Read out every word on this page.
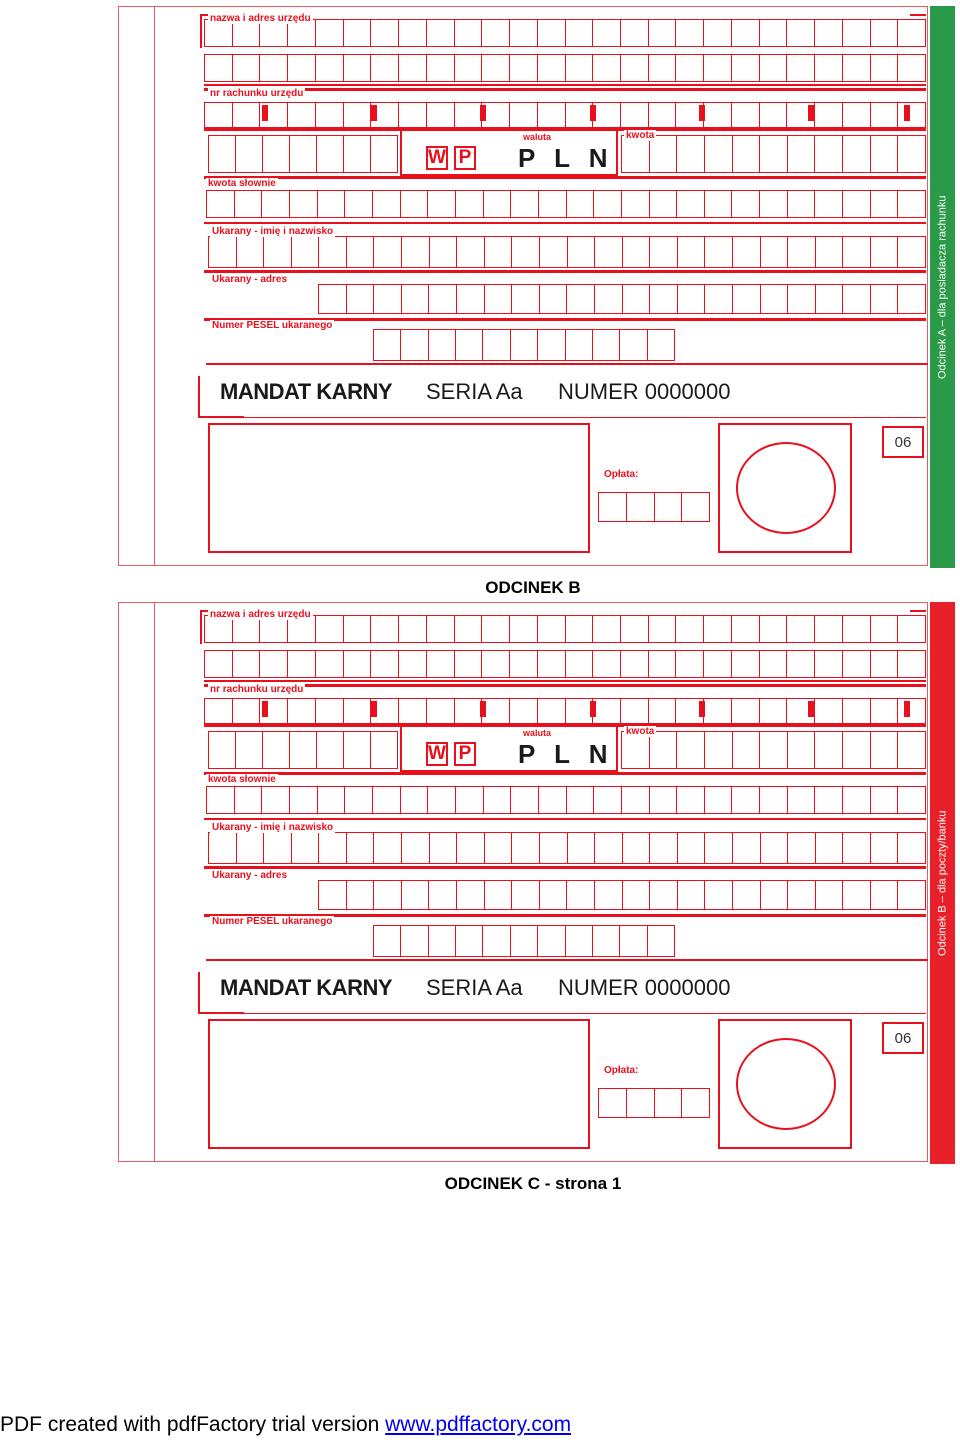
Odcinek A – dla posiadacza rachunku
nazwa i adres urzędu
nr rachunku urzędu
W P
waluta
P L N
kwota
kwota słownie
Ukarany - imię i nazwisko
Ukarany - adres
Numer PESEL ukaranego
MANDAT KARNY SERIA Aa NUMER 0000000
Opłata:
06
Odcinek B – dla poczty/banku
nazwa i adres urzędu
nr rachunku urzędu
W P
waluta
P L N
kwota
kwota słownie
Ukarany - imię i nazwisko
Ukarany - adres
Numer PESEL ukaranego
MANDAT KARNY SERIA Aa NUMER 0000000
Opłata:
06
ODCINEK B
ODCINEK C - strona 1
PDF created with pdfFactory trial version www.pdffactory.com
